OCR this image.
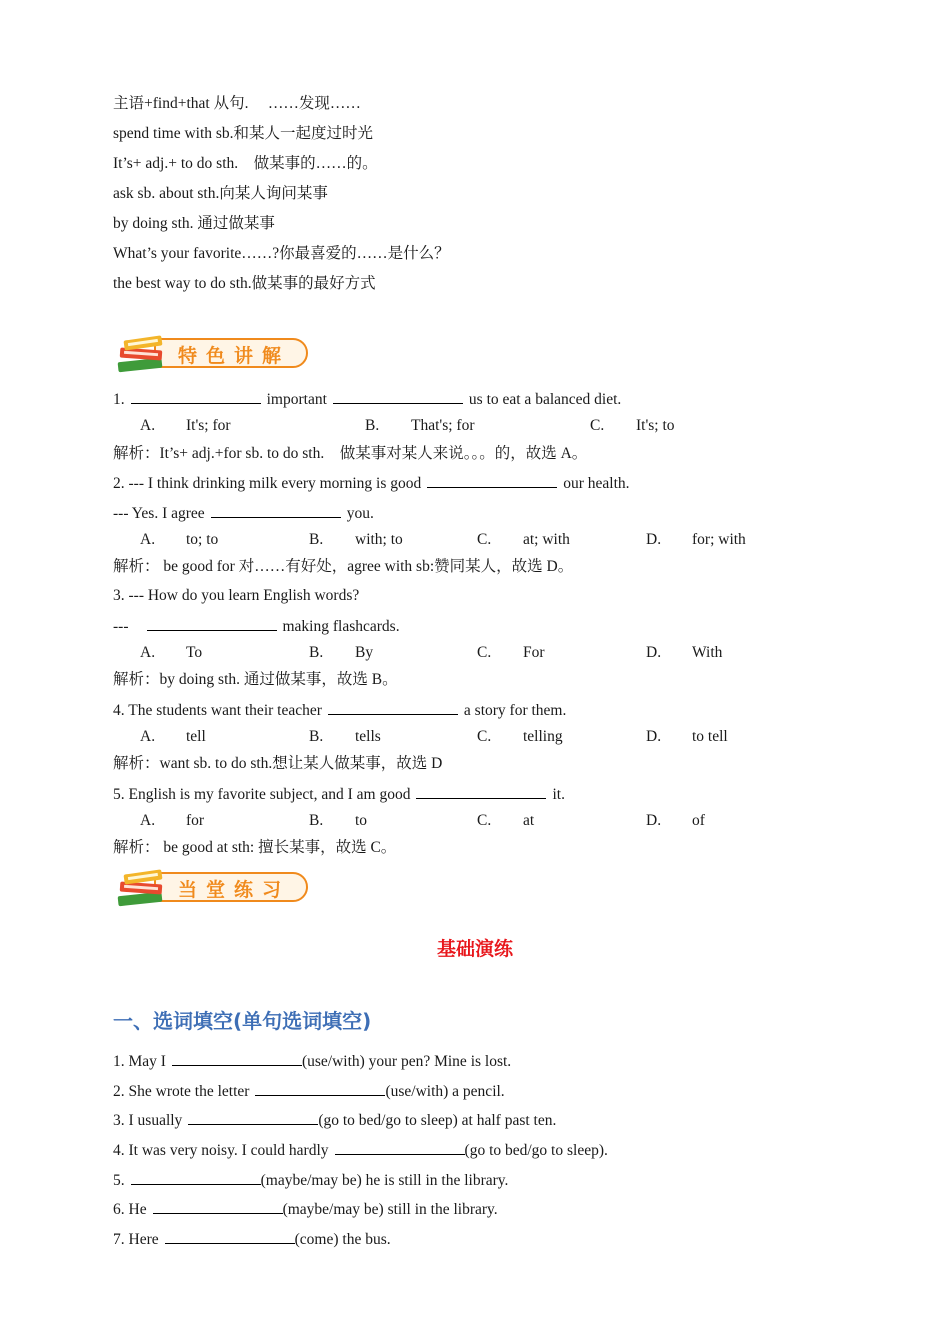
主语+find+that 从句.　 ……发现……
spend time with sb.和某人一起度过时光
It’s+ adj.+ to do sth.　做某事的……的。
ask sb. about sth.向某人询问某事
by doing sth. 通过做某事
What’s your favorite……?你最喜爱的……是什么？
the best way to do sth.做某事的最好方式
特色讲解
1.	important	us to eat a balanced diet.
A. It's; for	B. That's; for	C. It's; to
解析：It’s+ adj.+for sb. to do sth.　做某事对某人来说。。。的，故选 A。
2. --- I think drinking milk every morning is good	our health.
--- Yes. I agree	you.
A. to; to	B. with; to	C. at; with	D. for; with
解析： be good for 对……有好处，agree with sb:赞同某人，故选 D。
3. --- How do you learn English words?
---	making flashcards.
A. To	B. By	C. For	D. With
解析：by doing sth. 通过做某事，故选 B。
4. The students want their teacher	a story for them.
A. tell	B. tells	C. telling	D. to tell
解析：want sb. to do sth.想让某人做某事，故选 D
5. English is my favorite subject, and I am good	it.
A. for	B. to	C. at	D. of
解析： be good at sth: 擅长某事，故选 C。
当堂练习
基础演练
一、选词填空(单句选词填空)
1. May I	(use/with) your pen? Mine is lost.
2. She wrote the letter	(use/with) a pencil.
3. I usually	(go to bed/go to sleep) at half past ten.
4. It was very noisy. I could hardly	(go to bed/go to sleep).
5.	(maybe/may be) he is still in the library.
6. He	(maybe/may be) still in the library.
7. Here	(come) the bus.
